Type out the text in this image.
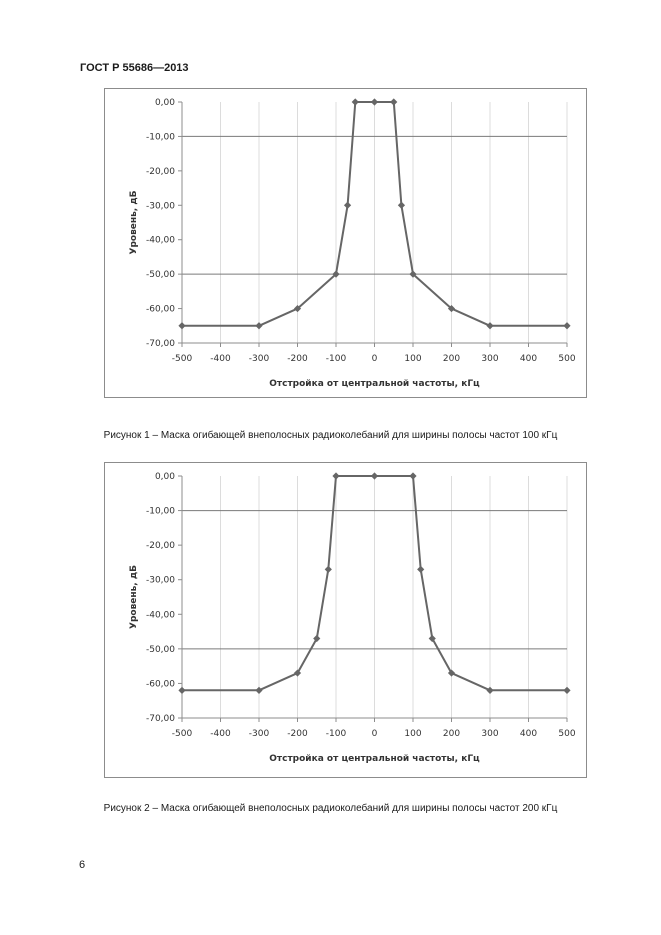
ГОСТ Р 55686—2013
0,00
-10,00
-20,00
-30,00
-40,00
-50,00
-60,00
-70,00
-500 -400 -300 -200 -100	0	100 200 300 400 500
Отстройка от центральной частоты, кГц
Уровень, дБ
Рисунок 1 – Маска огибающей внеполосных радиоколебаний для ширины полосы частот 100 кГц
0,00
-10,00
-20,00
-30,00
-40,00
-50,00
-60,00
-70,00
-500 -400 -300 -200 -100	0	100 200 300 400 500
Отстройка от центральной частоты, кГц
Уровень, дБ
Рисунок 2 – Маска огибающей внеполосных радиоколебаний для ширины полосы частот 200 кГц
6
